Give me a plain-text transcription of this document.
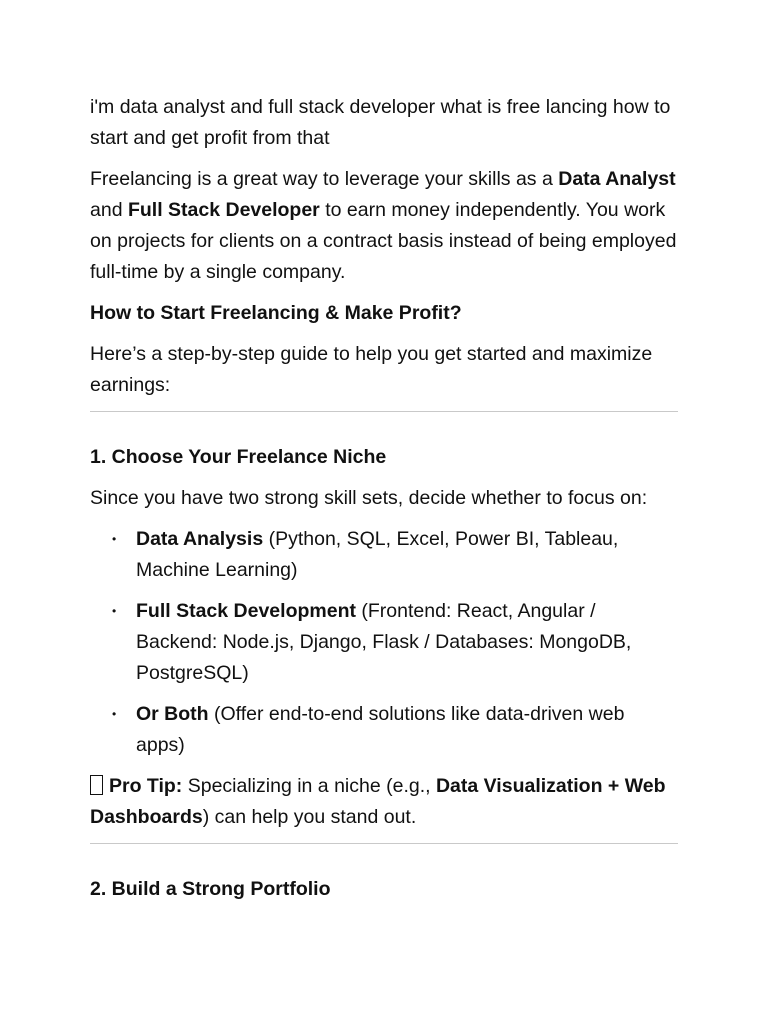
i'm data analyst and full stack developer what is free lancing how to start and get profit from that

Freelancing is a great way to leverage your skills as a Data Analyst and Full Stack Developer to earn money independently. You work on projects for clients on a contract basis instead of being employed full-time by a single company.

How to Start Freelancing & Make Profit?

Here’s a step-by-step guide to help you get started and maximize earnings:

1. Choose Your Freelance Niche

Since you have two strong skill sets, decide whether to focus on:

• Data Analysis (Python, SQL, Excel, Power BI, Tableau, Machine Learning)
• Full Stack Development (Frontend: React, Angular / Backend: Node.js, Django, Flask / Databases: MongoDB, PostgreSQL)
• Or Both (Offer end-to-end solutions like data-driven web apps)

Pro Tip: Specializing in a niche (e.g., Data Visualization + Web Dashboards) can help you stand out.

2. Build a Strong Portfolio
